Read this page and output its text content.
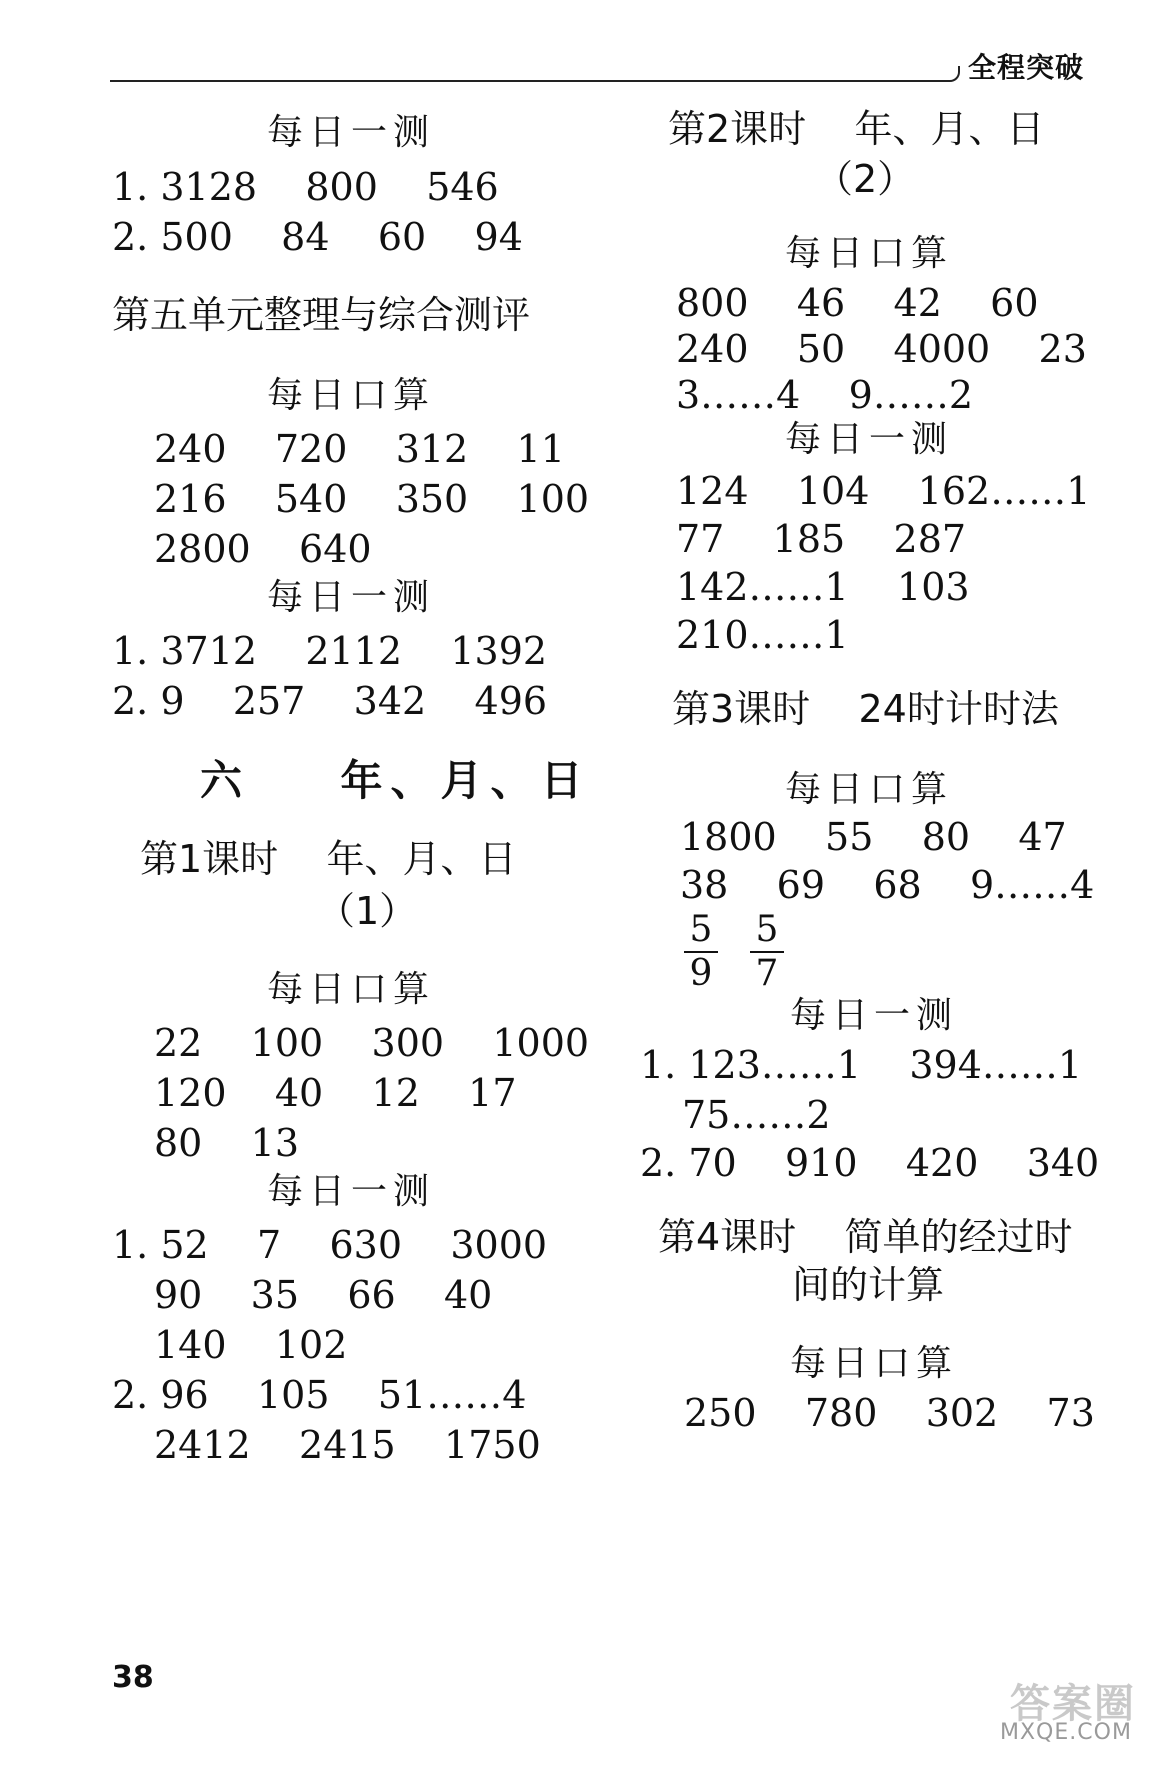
全程突破
每日一测
1. 3128    800    546
2. 500    84    60    94
第五单元整理与综合测评
每日口算
240    720    312    11
216    540    350    100
2800    640
每日一测
1. 3712    2112    1392
2. 9    257    342    496
六    年、月、日
第1课时    年、月、日
（1）
每日口算
22    100    300    1000
120    40    12    17
80    13
每日一测
1. 52    7    630    3000
90    35    66    40
140    102
2. 96    105    51……4
2412    2415    1750
第2课时    年、月、日
（2）
每日口算
800    46    42    60
240    50    4000    23
3……4    9……2
每日一测
124    104    162……1
77    185    287
142……1    103
210……1
第3课时    24时计时法
每日口算
1800    55    80    47
38    69    68    9……4
5
9
5
7
每日一测
1. 123……1    394……1
75……2
2. 70    910    420    340
第4课时    简单的经过时
间的计算
每日口算
250    780    302    73
38
答案圈
MXQE.COM
